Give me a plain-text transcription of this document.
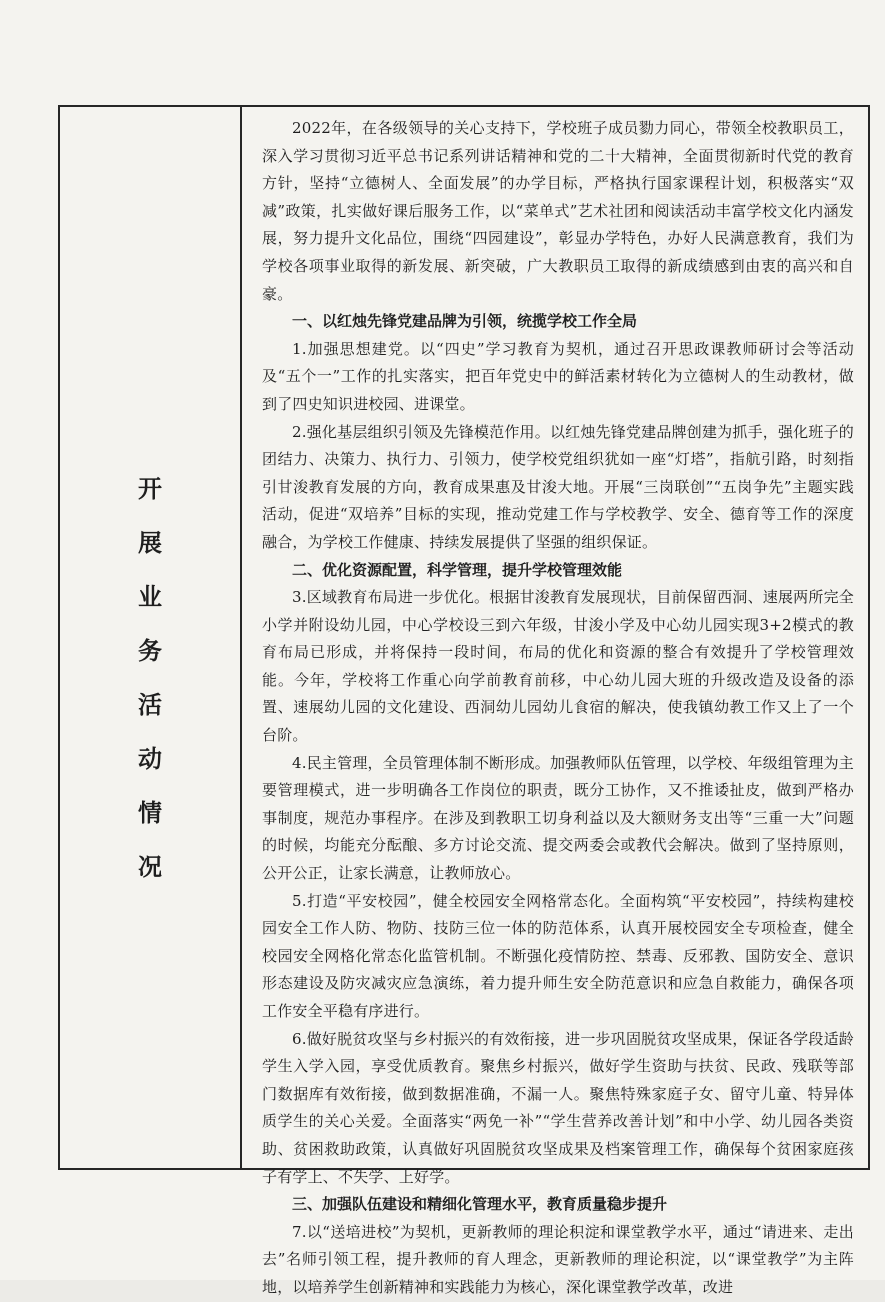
开
展
业
务
活
动
情
况

2022年，在各级领导的关心支持下，学校班子成员勠力同心，带领全校教职员工，深入学习贯彻习近平总书记系列讲话精神和党的二十大精神，全面贯彻新时代党的教育方针，坚持“立德树人、全面发展”的办学目标，严格执行国家课程计划，积极落实“双减”政策，扎实做好课后服务工作，以“菜单式”艺术社团和阅读活动丰富学校文化内涵发展，努力提升文化品位，围绕“四园建设”，彰显办学特色，办好人民满意教育，我们为学校各项事业取得的新发展、新突破，广大教职员工取得的新成绩感到由衷的高兴和自豪。

一、以红烛先锋党建品牌为引领，统揽学校工作全局

1.加强思想建党。以“四史”学习教育为契机，通过召开思政课教师研讨会等活动及“五个一”工作的扎实落实，把百年党史中的鲜活素材转化为立德树人的生动教材，做到了四史知识进校园、进课堂。

2.强化基层组织引领及先锋模范作用。以红烛先锋党建品牌创建为抓手，强化班子的团结力、决策力、执行力、引领力，使学校党组织犹如一座“灯塔”，指航引路，时刻指引甘浚教育发展的方向，教育成果惠及甘浚大地。开展“三岗联创”“五岗争先”主题实践活动，促进“双培养”目标的实现，推动党建工作与学校教学、安全、德育等工作的深度融合，为学校工作健康、持续发展提供了坚强的组织保证。

二、优化资源配置，科学管理，提升学校管理效能

3.区域教育布局进一步优化。根据甘浚教育发展现状，目前保留西洞、速展两所完全小学并附设幼儿园，中心学校设三到六年级，甘浚小学及中心幼儿园实现3+2模式的教育布局已形成，并将保持一段时间，布局的优化和资源的整合有效提升了学校管理效能。今年，学校将工作重心向学前教育前移，中心幼儿园大班的升级改造及设备的添置、速展幼儿园的文化建设、西洞幼儿园幼儿食宿的解决，使我镇幼教工作又上了一个台阶。

4.民主管理，全员管理体制不断形成。加强教师队伍管理，以学校、年级组管理为主要管理模式，进一步明确各工作岗位的职责，既分工协作，又不推诿扯皮，做到严格办事制度，规范办事程序。在涉及到教职工切身利益以及大额财务支出等“三重一大”问题的时候，均能充分酝酿、多方讨论交流、提交两委会或教代会解决。做到了坚持原则，公开公正，让家长满意，让教师放心。

5.打造“平安校园”，健全校园安全网格常态化。全面构筑“平安校园”，持续构建校园安全工作人防、物防、技防三位一体的防范体系，认真开展校园安全专项检查，健全校园安全网格化常态化监管机制。不断强化疫情防控、禁毒、反邪教、国防安全、意识形态建设及防灾减灾应急演练，着力提升师生安全防范意识和应急自救能力，确保各项工作安全平稳有序进行。

6.做好脱贫攻坚与乡村振兴的有效衔接，进一步巩固脱贫攻坚成果，保证各学段适龄学生入学入园，享受优质教育。聚焦乡村振兴，做好学生资助与扶贫、民政、残联等部门数据库有效衔接，做到数据准确，不漏一人。聚焦特殊家庭子女、留守儿童、特异体质学生的关心关爱。全面落实“两免一补”“学生营养改善计划”和中小学、幼儿园各类资助、贫困救助政策，认真做好巩固脱贫攻坚成果及档案管理工作，确保每个贫困家庭孩子有学上、不失学、上好学。

三、加强队伍建设和精细化管理水平，教育质量稳步提升

7.以“送培进校”为契机，更新教师的理论积淀和课堂教学水平，通过“请进来、走出去”名师引领工程，提升教师的育人理念，更新教师的理论积淀，以“课堂教学”为主阵地，以培养学生创新精神和实践能力为核心，深化课堂教学改革，改进
